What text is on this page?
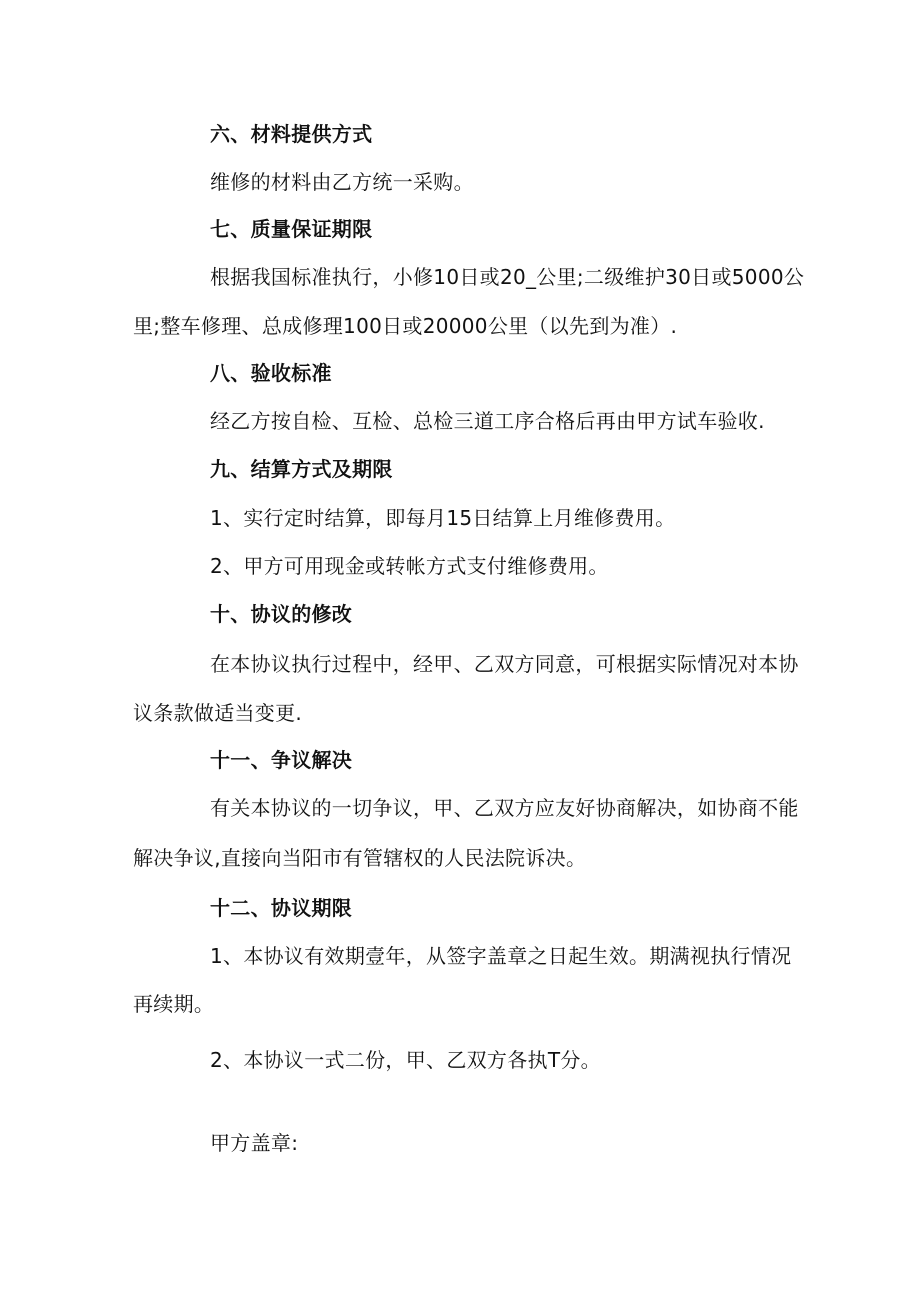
六、材料提供方式
维修的材料由乙方统一采购。
七、质量保证期限
根据我国标准执行，小修10日或20_公里;二级维护30日或5000公
里;整车修理、总成修理100日或20000公里（以先到为准）.
八、验收标准
经乙方按自检、互检、总检三道工序合格后再由甲方试车验收.
九、结算方式及期限
1、实行定时结算，即每月15日结算上月维修费用。
2、甲方可用现金或转帐方式支付维修费用。
十、协议的修改
在本协议执行过程中，经甲、乙双方同意，可根据实际情况对本协
议条款做适当变更.
十一、争议解决
有关本协议的一切争议，甲、乙双方应友好协商解决，如协商不能
解决争议,直接向当阳市有管辖权的人民法院诉决。
十二、协议期限
1、本协议有效期壹年，从签字盖章之日起生效。期满视执行情况
再续期。
2、本协议一式二份，甲、乙双方各执T分。
甲方盖章:
